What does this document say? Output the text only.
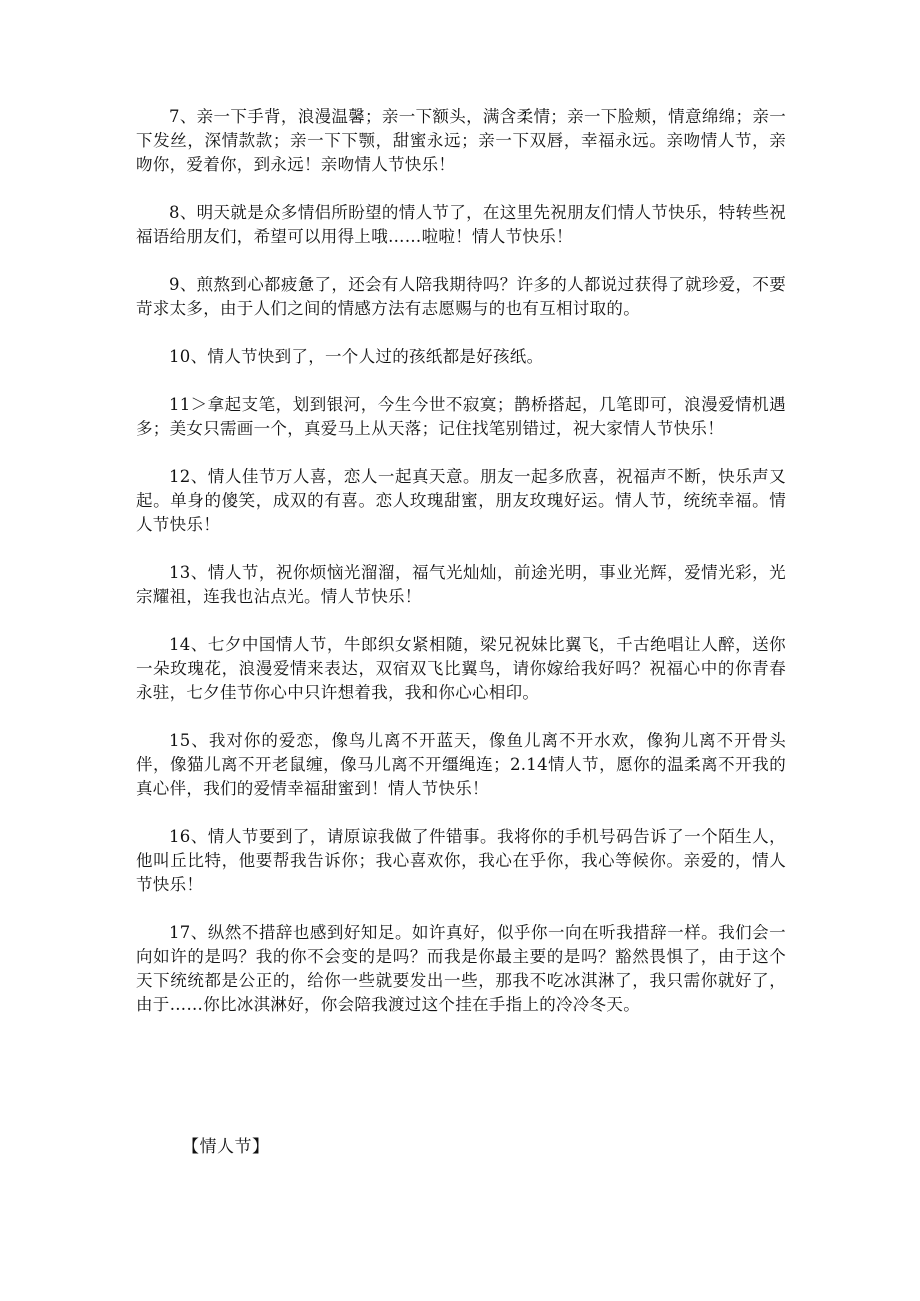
7、亲一下手背，浪漫温馨；亲一下额头，满含柔情；亲一下脸颊，情意绵绵；亲一下发丝，深情款款；亲一下下颚，甜蜜永远；亲一下双唇，幸福永远。亲吻情人节，亲吻你，爱着你，到永远！亲吻情人节快乐！

8、明天就是众多情侣所盼望的情人节了，在这里先祝朋友们情人节快乐，特转些祝福语给朋友们，希望可以用得上哦……啦啦！情人节快乐！

9、煎熬到心都疲惫了，还会有人陪我期待吗？许多的人都说过获得了就珍爱，不要苛求太多，由于人们之间的情感方法有志愿赐与的也有互相讨取的。

10、情人节快到了，一个人过的孩纸都是好孩纸。

11＞拿起支笔，划到银河，今生今世不寂寞；鹊桥搭起，几笔即可，浪漫爱情机遇多；美女只需画一个，真爱马上从天落；记住找笔别错过，祝大家情人节快乐！

12、情人佳节万人喜，恋人一起真天意。朋友一起多欣喜，祝福声不断，快乐声又起。单身的傻笑，成双的有喜。恋人玫瑰甜蜜，朋友玫瑰好运。情人节，统统幸福。情人节快乐！

13、情人节，祝你烦恼光溜溜，福气光灿灿，前途光明，事业光辉，爱情光彩，光宗耀祖，连我也沾点光。情人节快乐！

14、七夕中国情人节，牛郎织女紧相随，梁兄祝妹比翼飞，千古绝唱让人醉，送你一朵玫瑰花，浪漫爱情来表达，双宿双飞比翼鸟，请你嫁给我好吗？祝福心中的你青春永驻，七夕佳节你心中只许想着我，我和你心心相印。

15、我对你的爱恋，像鸟儿离不开蓝天，像鱼儿离不开水欢，像狗儿离不开骨头伴，像猫儿离不开老鼠缠，像马儿离不开缰绳连；2.14情人节，愿你的温柔离不开我的真心伴，我们的爱情幸福甜蜜到！情人节快乐！

16、情人节要到了，请原谅我做了件错事。我将你的手机号码告诉了一个陌生人，他叫丘比特，他要帮我告诉你；我心喜欢你，我心在乎你，我心等候你。亲爱的，情人节快乐！

17、纵然不措辞也感到好知足。如许真好，似乎你一向在听我措辞一样。我们会一向如许的是吗？我的你不会变的是吗？而我是你最主要的是吗？豁然畏惧了，由于这个天下统统都是公正的，给你一些就要发出一些，那我不吃冰淇淋了，我只需你就好了，由于……你比冰淇淋好，你会陪我渡过这个挂在手指上的冷冷冬天。

【情人节】
